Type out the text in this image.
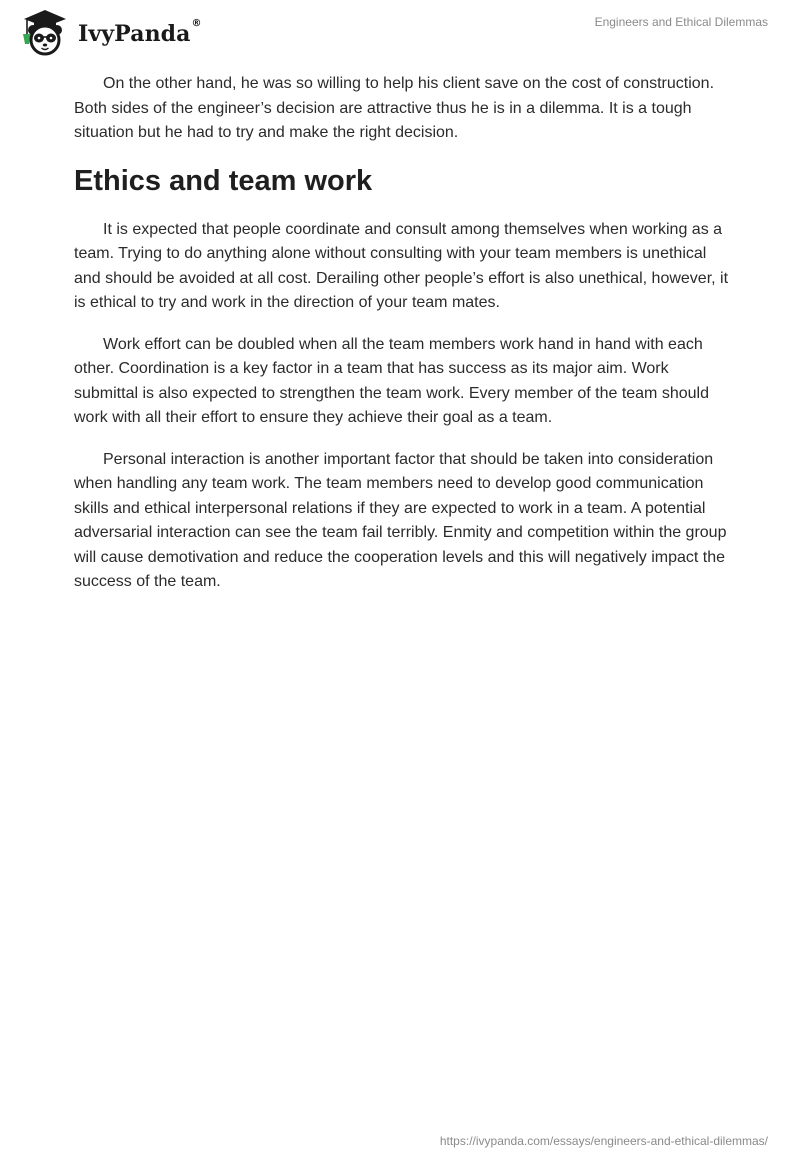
IvyPanda®	Engineers and Ethical Dilemmas

On the other hand, he was so willing to help his client save on the cost of construction. Both sides of the engineer’s decision are attractive thus he is in a dilemma. It is a tough situation but he had to try and make the right decision.

Ethics and team work

It is expected that people coordinate and consult among themselves when working as a team. Trying to do anything alone without consulting with your team members is unethical and should be avoided at all cost. Derailing other people’s effort is also unethical, however, it is ethical to try and work in the direction of your team mates.

Work effort can be doubled when all the team members work hand in hand with each other. Coordination is a key factor in a team that has success as its major aim. Work submittal is also expected to strengthen the team work. Every member of the team should work with all their effort to ensure they achieve their goal as a team.

Personal interaction is another important factor that should be taken into consideration when handling any team work. The team members need to develop good communication skills and ethical interpersonal relations if they are expected to work in a team. A potential adversarial interaction can see the team fail terribly. Enmity and competition within the group will cause demotivation and reduce the cooperation levels and this will negatively impact the success of the team.

https://ivypanda.com/essays/engineers-and-ethical-dilemmas/
